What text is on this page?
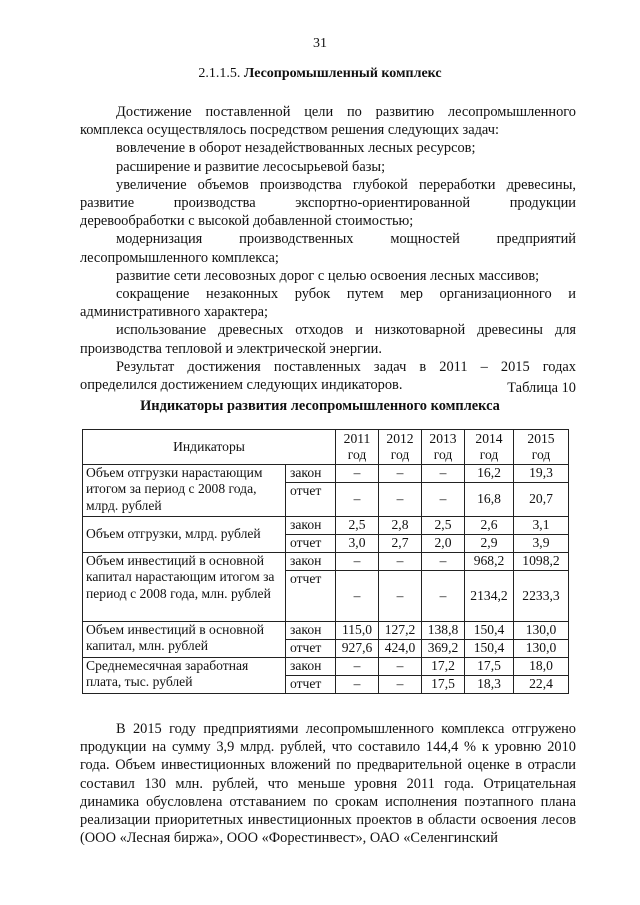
31
2.1.1.5. Лесопромышленный комплекс

Достижение поставленной цели по развитию лесопромышленного комплекса осуществлялось посредством решения следующих задач:

вовлечение в оборот незадействованных лесных ресурсов;

расширение и развитие лесосырьевой базы;

увеличение объемов производства глубокой переработки древесины, развитие производства экспортно-ориентированной продукции деревообработки с высокой добавленной стоимостью;

модернизация производственных мощностей предприятий лесопромышленного комплекса;

развитие сети лесовозных дорог с целью освоения лесных массивов;

сокращение незаконных рубок путем мер организационного и административного характера;

использование древесных отходов и низкотоварной древесины для производства тепловой и электрической энергии.

Результат достижения поставленных задач в 2011 – 2015 годах определился достижением следующих индикаторов.	Таблица 10
Индикаторы развития лесопромышленного комплекса
Индикаторы		2011 год	2012 год	2013 год	2014 год	2015 год
Объем отгрузки нарастающим итогом за период с 2008 года, млрд. рублей	закон	–	–	–	16,2	19,3
	отчет	–	–	–	16,8	20,7
Объем отгрузки, млрд. рублей	закон	2,5	2,8	2,5	2,6	3,1
	отчет	3,0	2,7	2,0	2,9	3,9
Объем инвестиций в основной капитал нарастающим итогом за период с 2008 года, млн. рублей	закон	–	–	–	968,2	1098,2
	отчет	–	–	–	2134,2	2233,3
Объем инвестиций в основной капитал, млн. рублей	закон	115,0	127,2	138,8	150,4	130,0
	отчет	927,6	424,0	369,2	150,4	130,0
Среднемесячная заработная плата, тыс. рублей	закон	–	–	17,2	17,5	18,0
	отчет	–	–	17,5	18,3	22,4

В 2015 году предприятиями лесопромышленного комплекса отгружено продукции на сумму 3,9 млрд. рублей, что составило 144,4 % к уровню 2010 года. Объем инвестиционных вложений по предварительной оценке в отрасли составил 130 млн. рублей, что меньше уровня 2011 года. Отрицательная динамика обусловлена отставанием по срокам исполнения поэтапного плана реализации приоритетных инвестиционных проектов в области освоения лесов (ООО «Лесная биржа», ООО «Форестинвест», ОАО «Селенгинский
